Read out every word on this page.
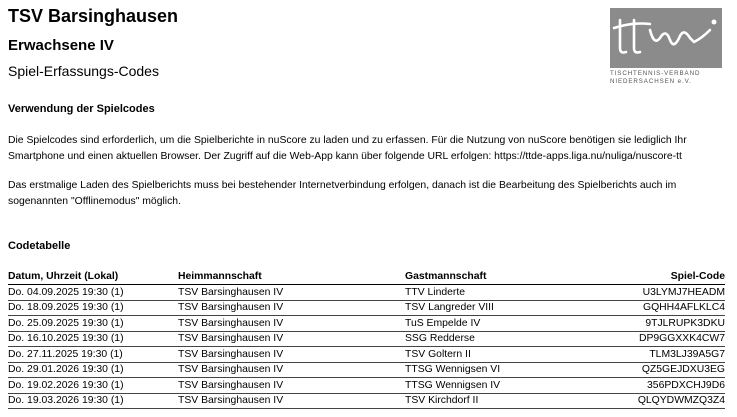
TSV Barsinghausen
Erwachsene IV
Spiel-Erfassungs-Codes	TISCHTENNIS-VERBAND
NIEDERSACHSEN e.V.
Verwendung der Spielcodes

Die Spielcodes sind erforderlich, um die Spielberichte in nuScore zu laden und zu erfassen. Für die Nutzung von nuScore benötigen sie lediglich Ihr Smartphone und einen aktuellen Browser. Der Zugriff auf die Web-App kann über folgende URL erfolgen: https://ttde-apps.liga.nu/nuliga/nuscore-tt

Das erstmalige Laden des Spielberichts muss bei bestehender Internetverbindung erfolgen, danach ist die Bearbeitung des Spielberichts auch im sogenannten "Offlinemodus" möglich.

Codetabelle
Datum, Uhrzeit (Lokal)	Heimmannschaft	Gastmannschaft	Spiel-Code
Do. 04.09.2025 19:30 (1)	TSV Barsinghausen IV	TTV Linderte	U3LYMJ7HEADM
Do. 18.09.2025 19:30 (1)	TSV Barsinghausen IV	TSV Langreder VIII	GQHH4AFLKLC4
Do. 25.09.2025 19:30 (1)	TSV Barsinghausen IV	TuS Empelde IV	9TJLRUPK3DKU
Do. 16.10.2025 19:30 (1)	TSV Barsinghausen IV	SSG Redderse	DP9GGXXK4CW7
Do. 27.11.2025 19:30 (1)	TSV Barsinghausen IV	TSV Goltern II	TLM3LJ39A5G7
Do. 29.01.2026 19:30 (1)	TSV Barsinghausen IV	TTSG Wennigsen VI	QZ5GEJDXU3EG
Do. 19.02.2026 19:30 (1)	TSV Barsinghausen IV	TTSG Wennigsen IV	356PDXCHJ9D6
Do. 19.03.2026 19:30 (1)	TSV Barsinghausen IV	TSV Kirchdorf II	QLQYDWMZQ3Z4
